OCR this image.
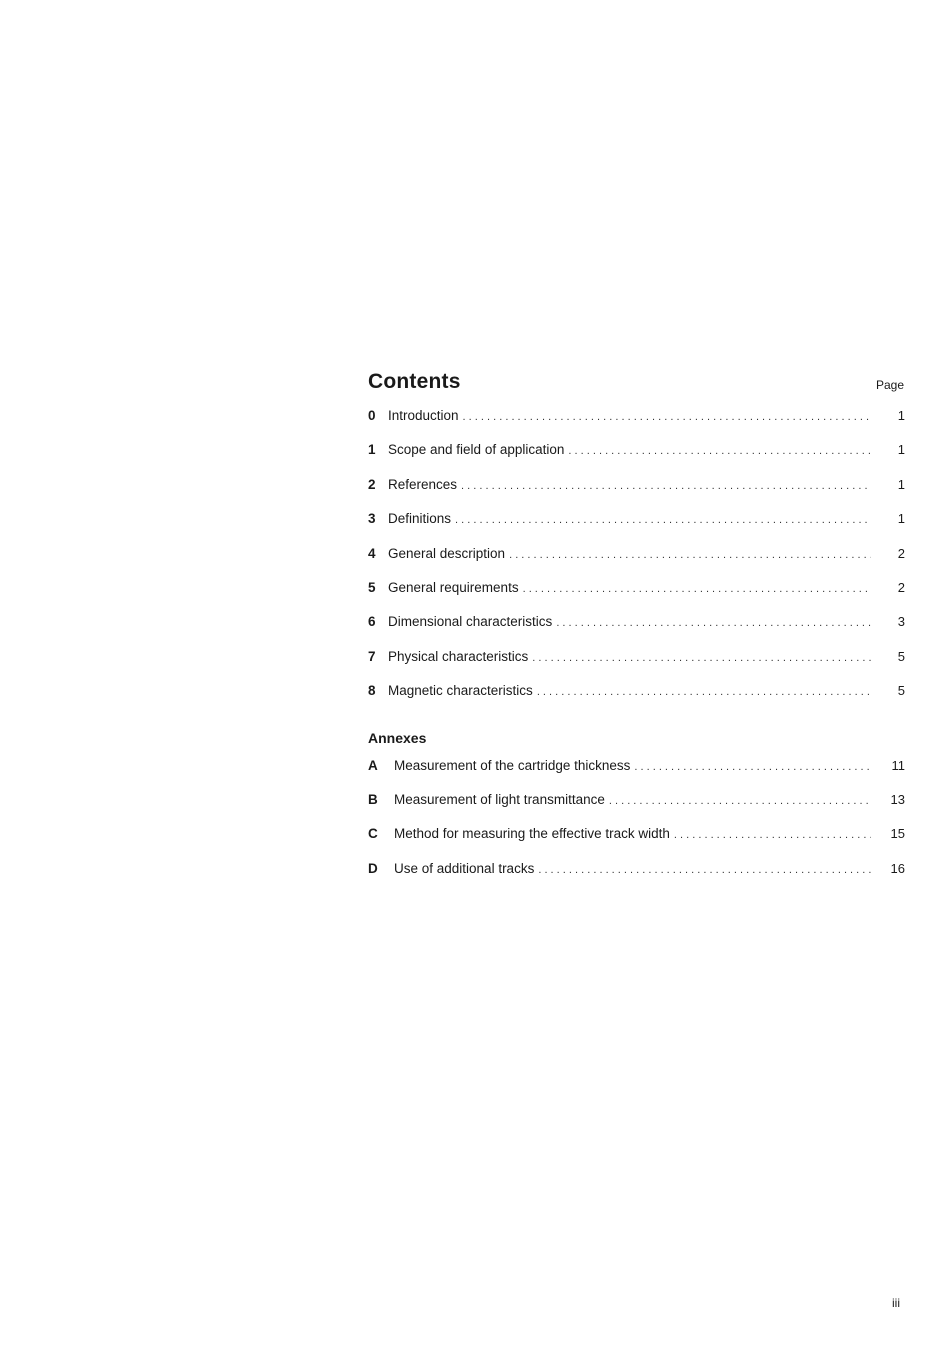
Contents	Page
0 Introduction . . .	1
1 Scope and field of application . . .	1
2 References . . .	1
3 Definitions . . .	1
4 General description . . .	2
5 General requirements . . .	2
6 Dimensional characteristics . . .	3
7 Physical characteristics . . .	5
8 Magnetic characteristics . . .	5
Annexes
A	Measurement of the cartridge thickness . . .	11
B	Measurement of light transmittance . . .	13
C	Method for measuring the effective track width . . .	15
D	Use of additional tracks . . .	16
iii
